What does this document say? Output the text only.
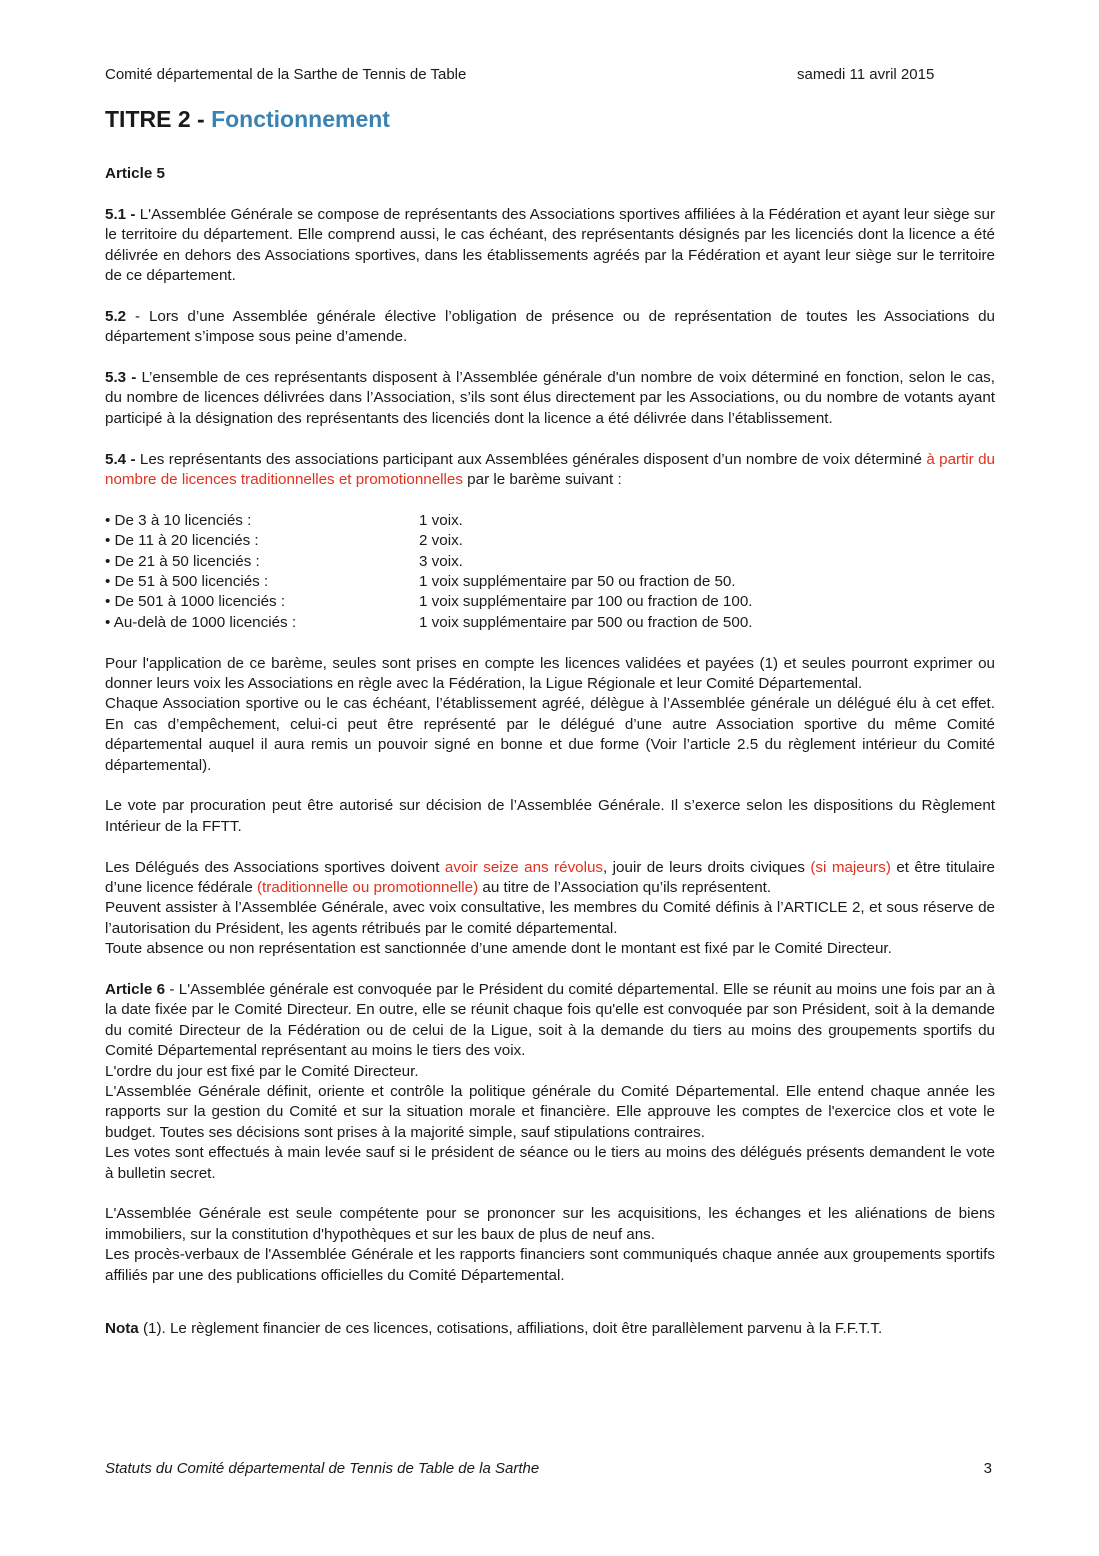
Comité départemental de la Sarthe de Tennis de Table	samedi 11 avril 2015
TITRE 2 - Fonctionnement

Article 5

5.1 - L'Assemblée Générale se compose de représentants des Associations sportives affiliées à la Fédération et ayant leur siège sur le territoire du département. Elle comprend aussi, le cas échéant, des représentants désignés par les licenciés dont la licence a été délivrée en dehors des Associations sportives, dans les établissements agréés par la Fédération et ayant leur siège sur le territoire de ce département.

5.2 - Lors d’une Assemblée générale élective l’obligation de présence ou de représentation de toutes les Associations du département s’impose sous peine d’amende.

5.3 - L’ensemble de ces représentants disposent à l’Assemblée générale d'un nombre de voix déterminé en fonction, selon le cas, du nombre de licences délivrées dans l’Association, s’ils sont élus directement par les Associations, ou du nombre de votants ayant participé à la désignation des représentants des licenciés dont la licence a été délivrée dans l’établissement.

5.4 - Les représentants des associations participant aux Assemblées générales disposent d’un nombre de voix déterminé à partir du nombre de licences traditionnelles et promotionnelles par le barème suivant :

• De 3 à 10 licenciés :	1 voix.
• De 11 à 20 licenciés :	2 voix.
• De 21 à 50 licenciés :	3 voix.
• De 51 à 500 licenciés :	1 voix supplémentaire par 50 ou fraction de 50.
• De 501 à 1000 licenciés :	1 voix supplémentaire par 100 ou fraction de 100.
• Au-delà de 1000 licenciés :	1 voix supplémentaire par 500 ou fraction de 500.

Pour l'application de ce barème, seules sont prises en compte les licences validées et payées (1) et seules pourront exprimer ou donner leurs voix les Associations en règle avec la Fédération, la Ligue Régionale et leur Comité Départemental.

Chaque Association sportive ou le cas échéant, l’établissement agréé, délègue à l’Assemblée générale un délégué élu à cet effet. En cas d’empêchement, celui-ci peut être représenté par le délégué d’une autre Association sportive du même Comité départemental auquel il aura remis un pouvoir signé en bonne et due forme (Voir l’article 2.5 du règlement intérieur du Comité départemental).

Le vote par procuration peut être autorisé sur décision de l’Assemblée Générale. Il s’exerce selon les dispositions du Règlement Intérieur de la FFTT.

Les Délégués des Associations sportives doivent avoir seize ans révolus, jouir de leurs droits civiques (si majeurs) et être titulaire d’une licence fédérale (traditionnelle ou promotionnelle) au titre de l’Association qu’ils représentent.

Peuvent assister à l’Assemblée Générale, avec voix consultative, les membres du Comité définis à l’ARTICLE 2, et sous réserve de l’autorisation du Président, les agents rétribués par le comité départemental.

Toute absence ou non représentation est sanctionnée d’une amende dont le montant est fixé par le Comité Directeur.

Article 6 - L'Assemblée générale est convoquée par le Président du comité départemental. Elle se réunit au moins une fois par an à la date fixée par le Comité Directeur. En outre, elle se réunit chaque fois qu'elle est convoquée par son Président, soit à la demande du comité Directeur de la Fédération ou de celui de la Ligue, soit à la demande du tiers au moins des groupements sportifs du Comité Départemental représentant au moins le tiers des voix.

L'ordre du jour est fixé par le Comité Directeur.

L'Assemblée Générale définit, oriente et contrôle la politique générale du Comité Départemental. Elle entend chaque année les rapports sur la gestion du Comité et sur la situation morale et financière. Elle approuve les comptes de l'exercice clos et vote le budget. Toutes ses décisions sont prises à la majorité simple, sauf stipulations contraires.

Les votes sont effectués à main levée sauf si le président de séance ou le tiers au moins des délégués présents demandent le vote à bulletin secret.

L'Assemblée Générale est seule compétente pour se prononcer sur les acquisitions, les échanges et les aliénations de biens immobiliers, sur la constitution d'hypothèques et sur les baux de plus de neuf ans.

Les procès-verbaux de l'Assemblée Générale et les rapports financiers sont communiqués chaque année aux groupements sportifs affiliés par une des publications officielles du Comité Départemental.

Nota (1). Le règlement financier de ces licences, cotisations, affiliations, doit être parallèlement parvenu à la F.F.T.T.

Statuts du Comité départemental de Tennis de Table de la Sarthe	3
